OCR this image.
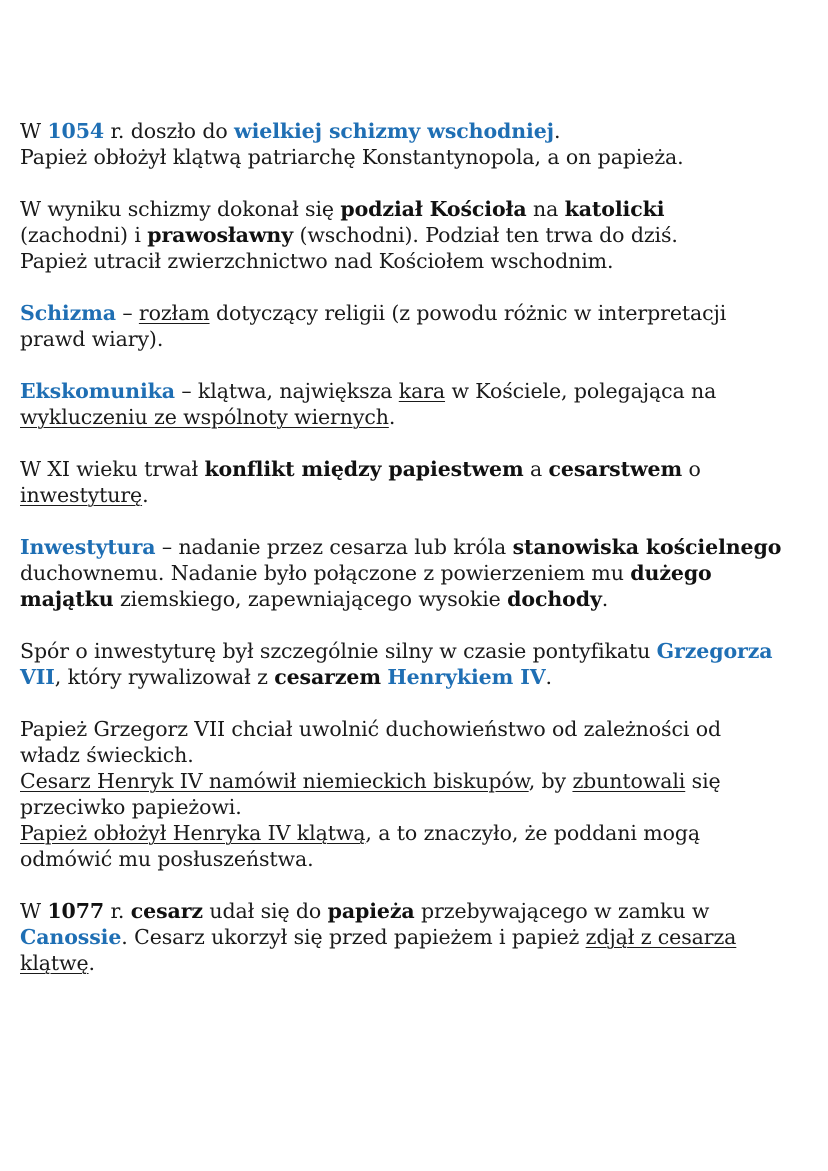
W 1054 r. doszło do wielkiej schizmy wschodniej.
Papież obłożył klątwą patriarchę Konstantynopola, a on papieża.
W wyniku schizmy dokonał się podział Kościoła na katolicki
(zachodni) i prawosławny (wschodni). Podział ten trwa do dziś.
Papież utracił zwierzchnictwo nad Kościołem wschodnim.
Schizma – rozłam dotyczący religii (z powodu różnic w interpretacji
prawd wiary).
Ekskomunika – klątwa, największa kara w Kościele, polegająca na
wykluczeniu ze wspólnoty wiernych.
W XI wieku trwał konflikt między papiestwem a cesarstwem o
inwestyturę.
Inwestytura – nadanie przez cesarza lub króla stanowiska kościelnego
duchownemu. Nadanie było połączone z powierzeniem mu dużego
majątku ziemskiego, zapewniającego wysokie dochody.
Spór o inwestyturę był szczególnie silny w czasie pontyfikatu Grzegorza
VII, który rywalizował z cesarzem Henrykiem IV.
Papież Grzegorz VII chciał uwolnić duchowieństwo od zależności od
władz świeckich.
Cesarz Henryk IV namówił niemieckich biskupów, by zbuntowali się
przeciwko papieżowi.
Papież obłożył Henryka IV klątwą, a to znaczyło, że poddani mogą
odmówić mu posłuszeństwa.
W 1077 r. cesarz udał się do papieża przebywającego w zamku w
Canossie. Cesarz ukorzył się przed papieżem i papież zdjął z cesarza
klątwę.
